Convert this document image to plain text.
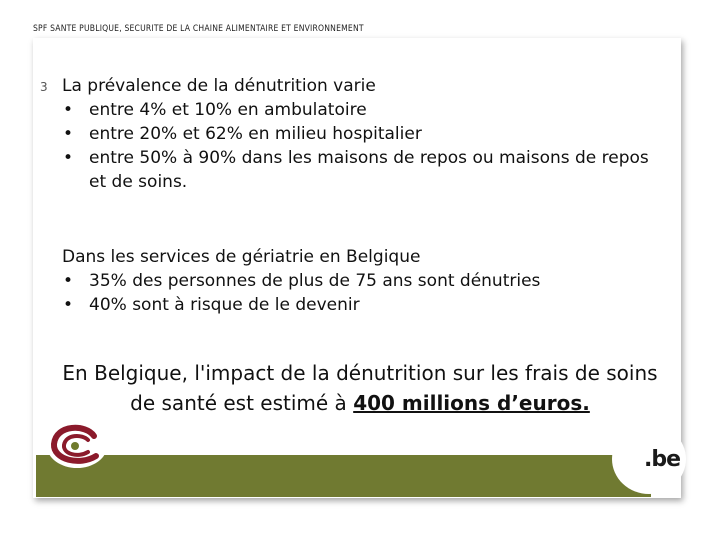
SPF SANTE PUBLIQUE, SECURITE DE LA CHAINE ALIMENTAIRE ET ENVIRONNEMENT
3 La prévalence de la dénutrition varie
• entre 4% et 10% en ambulatoire
• entre 20% et 62% en milieu hospitalier
• entre 50% à 90% dans les maisons de repos ou maisons de repos
et de soins.
Dans les services de gériatrie en Belgique
• 35% des personnes de plus de 75 ans sont dénutries
• 40% sont à risque de le devenir
En Belgique, l'impact de la dénutrition sur les frais de soins de santé est estimé à 400 millions d’euros.
.be
